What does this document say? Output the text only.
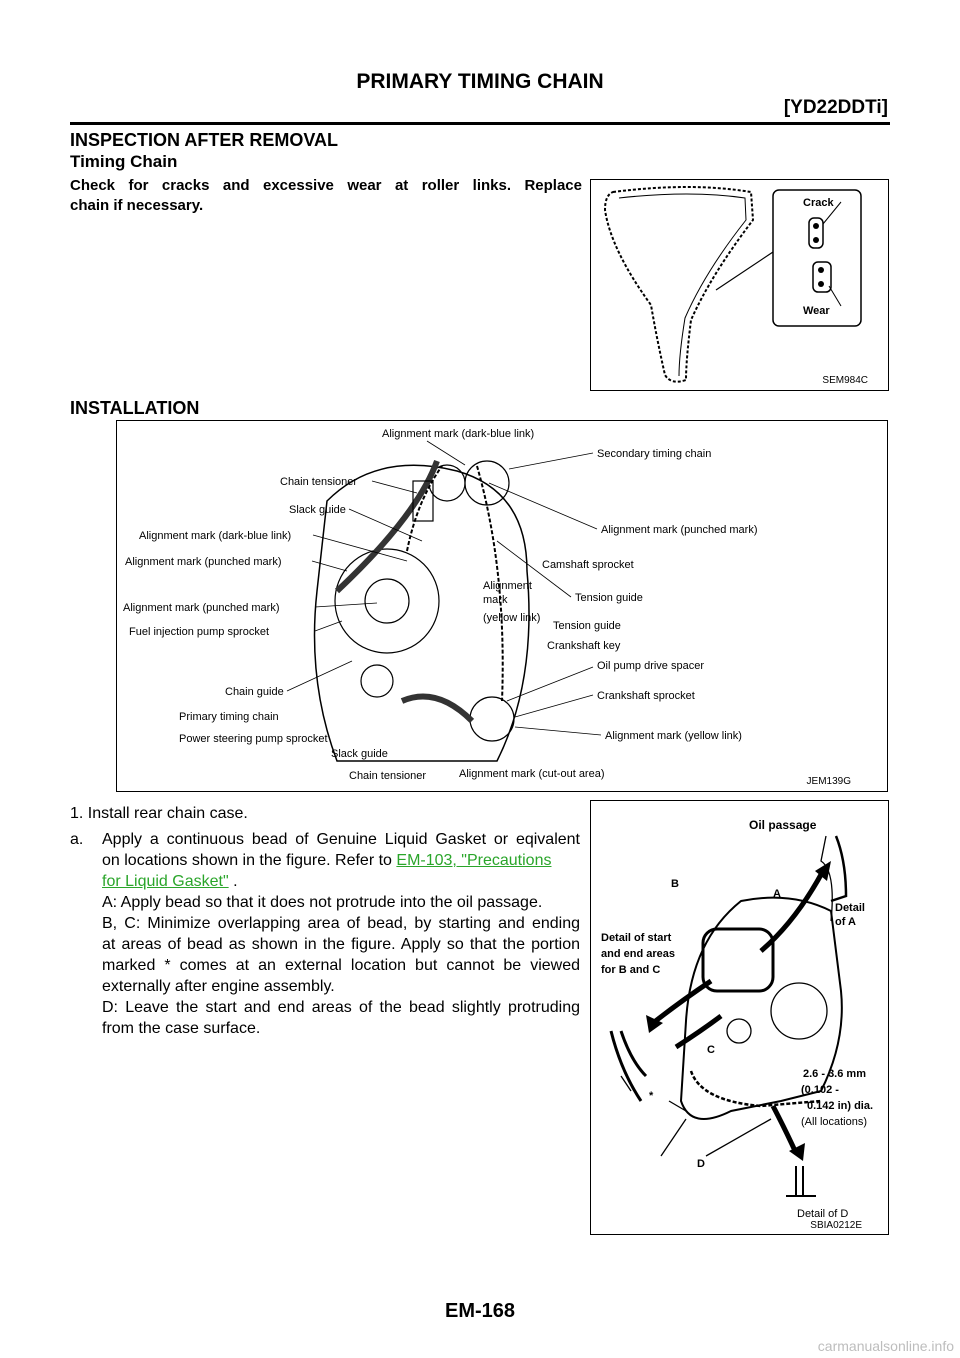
PRIMARY TIMING CHAIN
[YD22DDTi]
INSPECTION AFTER REMOVAL
Timing Chain
Check for cracks and excessive wear at roller links. Replace
chain if necessary.	Crack
Wear
SEM984C
INSTALLATION
Alignment mark (dark-blue link)
Secondary timing chain
Chain tensioner
Slack guide
Alignment mark (punched mark)
Alignment mark (dark-blue link)
Alignment mark (punched mark)	Camshaft sprocket
Alignment
mark
(yellow link)
Tension guide
Alignment mark (punched mark)
Tension guide
Fuel injection pump sprocket
Crankshaft key
Oil pump drive spacer
Chain guide	Crankshaft sprocket
Primary timing chain
Alignment mark (yellow link)
Power steering pump sprocket
Slack guide
Chain tensioner	Alignment mark (cut-out area)
JEM139G
1. Install rear chain case.
a. Apply a continuous bead of Genuine Liquid Gasket or eqivalent
on locations shown in the figure. Refer to EM-103, "Precautions
for Liquid Gasket" .
A: Apply bead so that it does not protrude into the oil passage.
B, C: Minimize overlapping area of bead, by starting and ending
at areas of bead as shown in the figure. Apply so that the portion
marked * comes at an external location but cannot be viewed
externally after engine assembly.
D: Leave the start and end areas of the bead slightly protruding
from the case surface.
Oil passage
B
A
Detail
of A
Detail of start
and end areas
for B and C
C
*
2.6 - 3.6 mm
(0.102 -
0.142 in) dia.
(All locations)
D
Detail of D
SBIA0212E
EM-168
carmanualsonline.info
